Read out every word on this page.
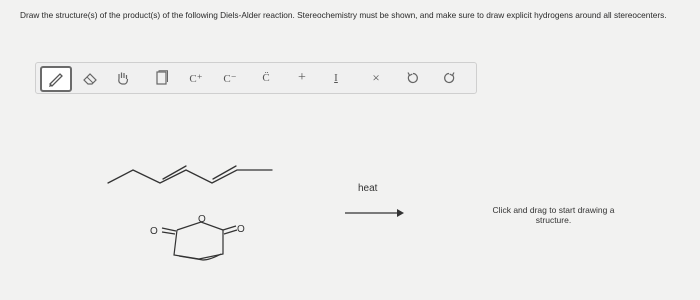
Draw the structure(s) of the product(s) of the following Diels-Alder reaction. Stereochemistry must be shown, and make sure to draw explicit hydrogens around all stereocenters.
C⁺ C⁻ C̈ +	I	×
O
O	O
heat
Click and drag to start drawing a structure.
